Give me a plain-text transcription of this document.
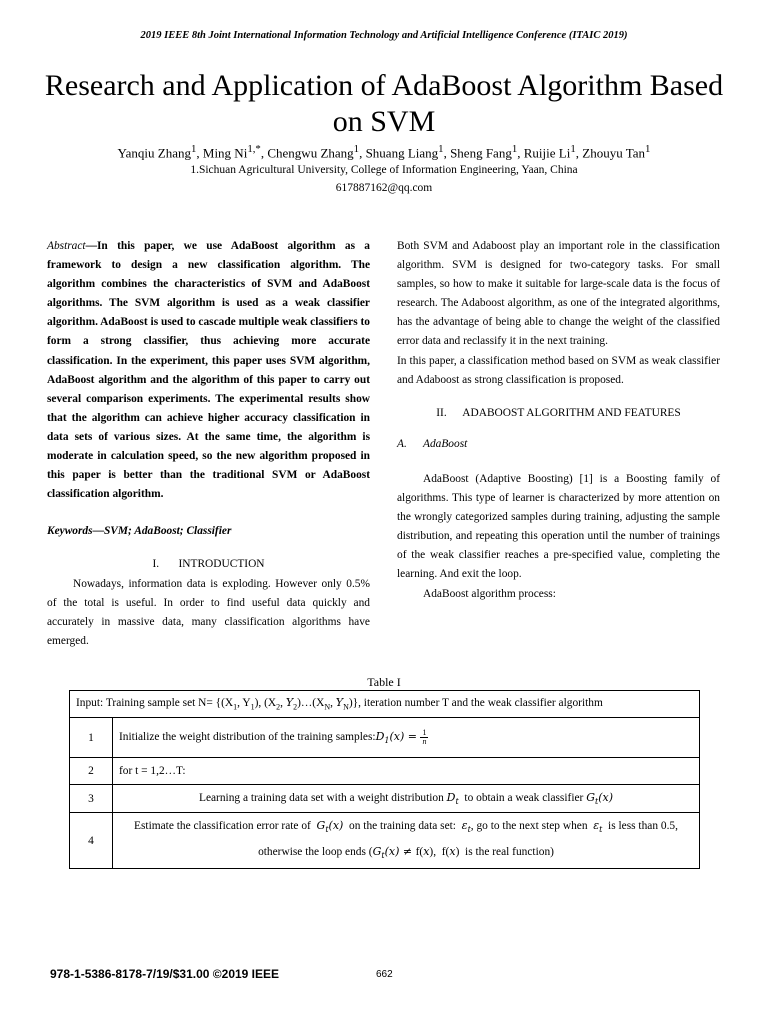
2019 IEEE 8th Joint International Information Technology and Artificial Intelligence Conference (ITAIC 2019)
Research and Application of AdaBoost Algorithm Based on SVM
Yanqiu Zhang$^1$, Ming $Ni^{1,*}$, Chengwu Zhang$^1$, Shuang Liang$^1$, Sheng Fang$^1$, Ruijie Li$^1$, Zhouyu Tan$^1$
1.Sichuan Agricultural University, College of Information Engineering, Yaan, China
617887162@qq.com
Abstract—In this paper, we use AdaBoost algorithm as a framework to design a new classification algorithm. The algorithm combines the characteristics of SVM and AdaBoost algorithms. The SVM algorithm is used as a weak classifier algorithm. AdaBoost is used to cascade multiple weak classifiers to form a strong classifier, thus achieving more accurate classification. In the experiment, this paper uses SVM algorithm, AdaBoost algorithm and the algorithm of this paper to carry out several comparison experiments. The experimental results show that the algorithm can achieve higher accuracy classification in data sets of various sizes. At the same time, the algorithm is moderate in calculation speed, so the new algorithm proposed in this paper is better than the traditional SVM or AdaBoost classification algorithm.
Keywords—SVM; AdaBoost; Classifier
I. INTRODUCTION
Nowadays, information data is exploding. However only 0.5% of the total is useful. In order to find useful data quickly and accurately in massive data, many classification algorithms have emerged.
Both SVM and Adaboost play an important role in the classification algorithm. SVM is designed for two-category tasks. For small samples, so how to make it suitable for large-scale data is the focus of research. The Adaboost algorithm, as one of the integrated algorithms, has the advantage of being able to change the weight of the classified error data and reclassify it in the next training.
In this paper, a classification method based on SVM as weak classifier and Adaboost as strong classification is proposed.
II. ADABOOST ALGORITHM AND FEATURES
A. AdaBoost
AdaBoost (Adaptive Boosting) [1] is a Boosting family of algorithms. This type of learner is characterized by more attention on the wrongly categorized samples during training, adjusting the sample distribution, and repeating this operation until the number of trainings of the weak classifier reaches a pre-specified value, completing the learning. And exit the loop.
AdaBoost algorithm process:
Table I
Input: Training sample set $N= \{(X_1$, $Y_1$), ($X_2$, $Y_2)\dots(X_N$, $Y_N$)}, iteration number T and the weak classifier algorithm	
1	Initialize the weight distribution of the training $samples:D_1(x) = \frac{1}{n}$

2	for t = 1,2…T:
3	Learning a training data set with a weight distribution $D_t$  to obtain a weak classifier $G_t(x)$
4	Estimate the classification error rate of  $G_t(x)$  on the training data set:  $\varepsilon_t$, go to the next step when  $\varepsilon_t$  is less than 0.5, otherwise the loop ends ($G_t(x) \ne f(x)$,  f(x)  is the real function)
978-1-5386-8178-7/19/$31.00 ©2019 IEEE	662
